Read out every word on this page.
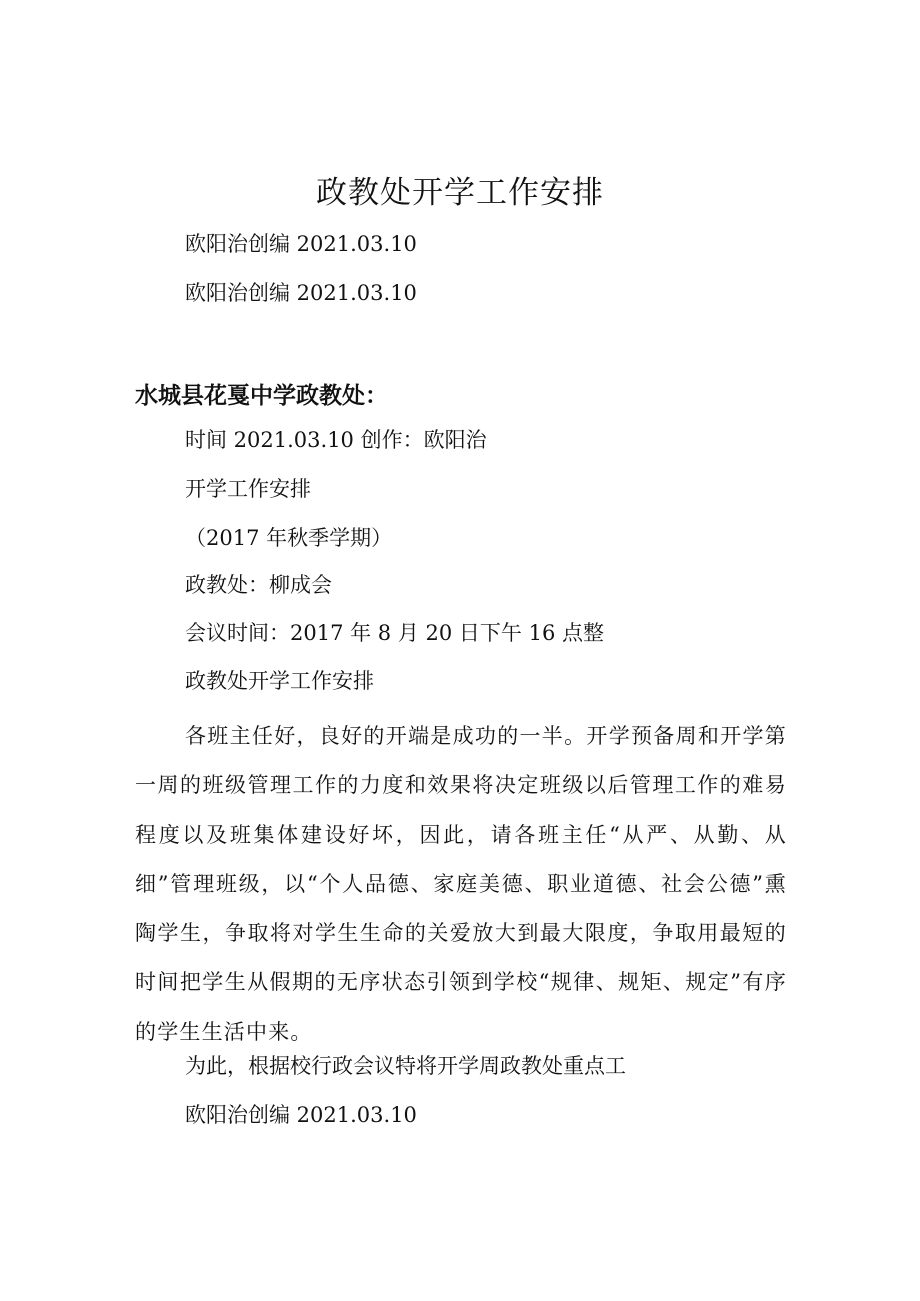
政教处开学工作安排
欧阳治创编 2021.03.10
欧阳治创编 2021.03.10
水城县花戛中学政教处：
时间 2021.03.10 创作：欧阳治
开学工作安排
（2017 年秋季学期）
政教处：柳成会
会议时间：2017 年 8 月 20 日下午 16 点整
政教处开学工作安排
各班主任好，良好的开端是成功的一半。开学预备周和开学第一周的班级管理工作的力度和效果将决定班级以后管理工作的难易程度以及班集体建设好坏，因此，请各班主任“从严、从勤、从细”管理班级，以“个人品德、家庭美德、职业道德、社会公德”熏陶学生，争取将对学生生命的关爱放大到最大限度，争取用最短的时间把学生从假期的无序状态引领到学校“规律、规矩、规定”有序的学生生活中来。
为此，根据校行政会议特将开学周政教处重点工
欧阳治创编 2021.03.10
